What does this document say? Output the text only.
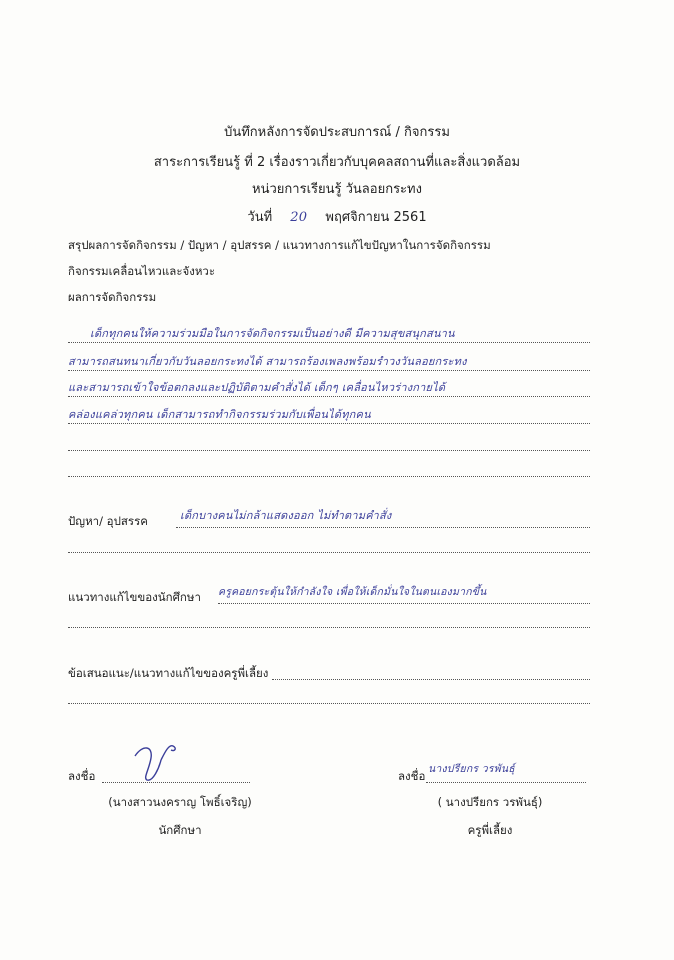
บันทึกหลังการจัดประสบการณ์ / กิจกรรม
สาระการเรียนรู้ ที่ 2 เรื่องราวเกี่ยวกับบุคคลสถานที่และสิ่งแวดล้อม
หน่วยการเรียนรู้ วันลอยกระทง
วันที่ 20 พฤศจิกายน 2561
สรุปผลการจัดกิจกรรม / ปัญหา / อุปสรรค / แนวทางการแก้ไขปัญหาในการจัดกิจกรรม
กิจกรรมเคลื่อนไหวและจังหวะ
ผลการจัดกิจกรรม
เด็กทุกคนให้ความร่วมมือในการจัดกิจกรรมเป็นอย่างดี มีความสุขสนุกสนาน
สามารถสนทนาเกี่ยวกับวันลอยกระทงได้ สามารถร้องเพลงพร้อมรำวงวันลอยกระทง
และสามารถเข้าใจข้อตกลงและปฏิบัติตามคำสั่งได้ เด็กๆ เคลื่อนไหวร่างกายได้
คล่องแคล่วทุกคน เด็กสามารถทำกิจกรรมร่วมกับเพื่อนได้ทุกคน
ปัญหา/ อุปสรรค	เด็กบางคนไม่กล้าแสดงออก ไม่ทำตามคำสั่ง
แนวทางแก้ไขของนักศึกษา ครูคอยกระตุ้นให้กำลังใจ เพื่อให้เด็กมั่นใจในตนเองมากขึ้น
ข้อเสนอแนะ/แนวทางแก้ไขของครูพี่เลี้ยง
ลงชื่อ
(นางสาวนงคราญ โพธิ์เจริญ)
นักศึกษา
ลงชื่อ นางปรียกร วรพันธุ์
( นางปรียกร วรพันธุ์)
ครูพี่เลี้ยง
